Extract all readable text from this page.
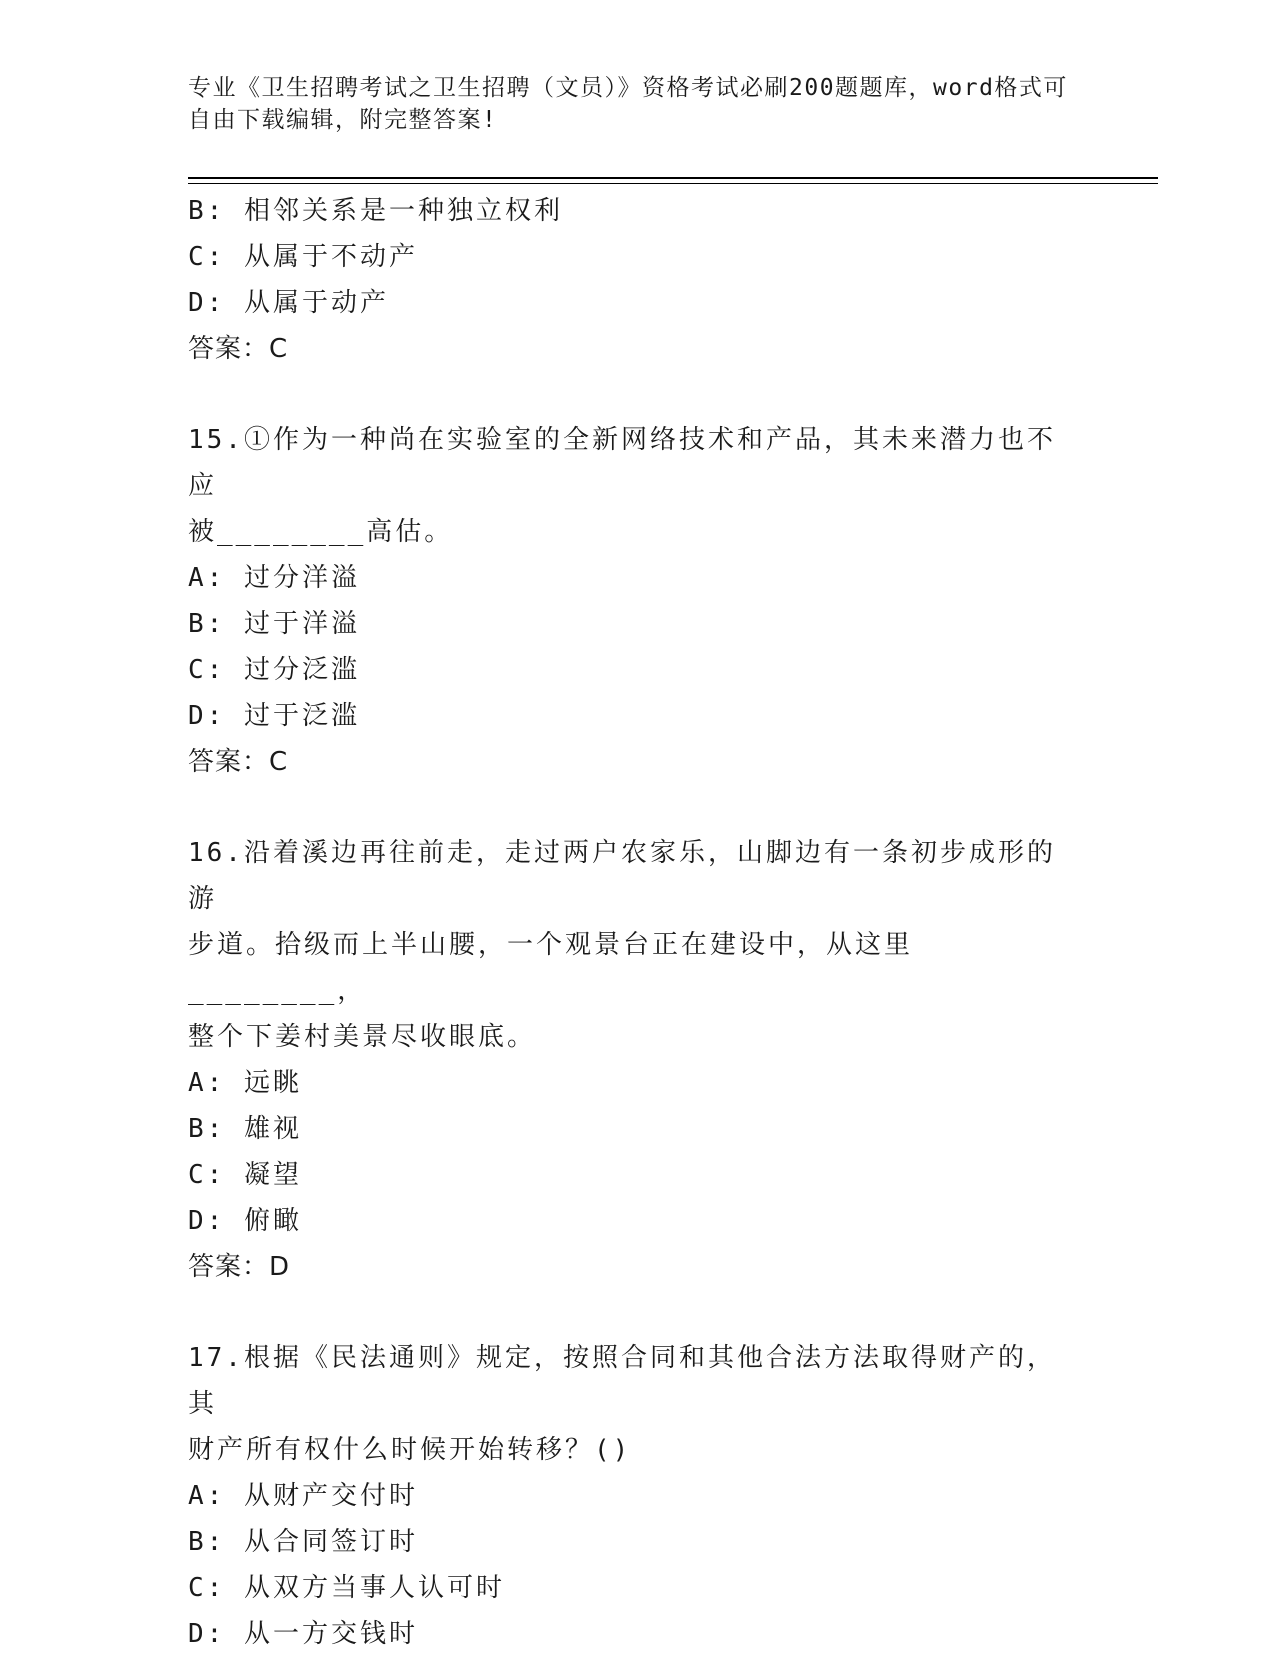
专业《卫生招聘考试之卫生招聘（文员）》资格考试必刷200题题库，word格式可自由下载编辑，附完整答案!
B: 相邻关系是一种独立权利
C: 从属于不动产
D: 从属于动产
答案：C
15.①作为一种尚在实验室的全新网络技术和产品，其未来潜力也不应
被________高估。
A: 过分洋溢
B: 过于洋溢
C: 过分泛滥
D: 过于泛滥
答案：C
16.沿着溪边再往前走，走过两户农家乐，山脚边有一条初步成形的游
步道。拾级而上半山腰，一个观景台正在建设中，从这里________，
整个下姜村美景尽收眼底。
A: 远眺
B: 雄视
C: 凝望
D: 俯瞰
答案：D
17.根据《民法通则》规定，按照合同和其他合法方法取得财产的，其
财产所有权什么时候开始转移？()
A: 从财产交付时
B: 从合同签订时
C: 从双方当事人认可时
D: 从一方交钱时
